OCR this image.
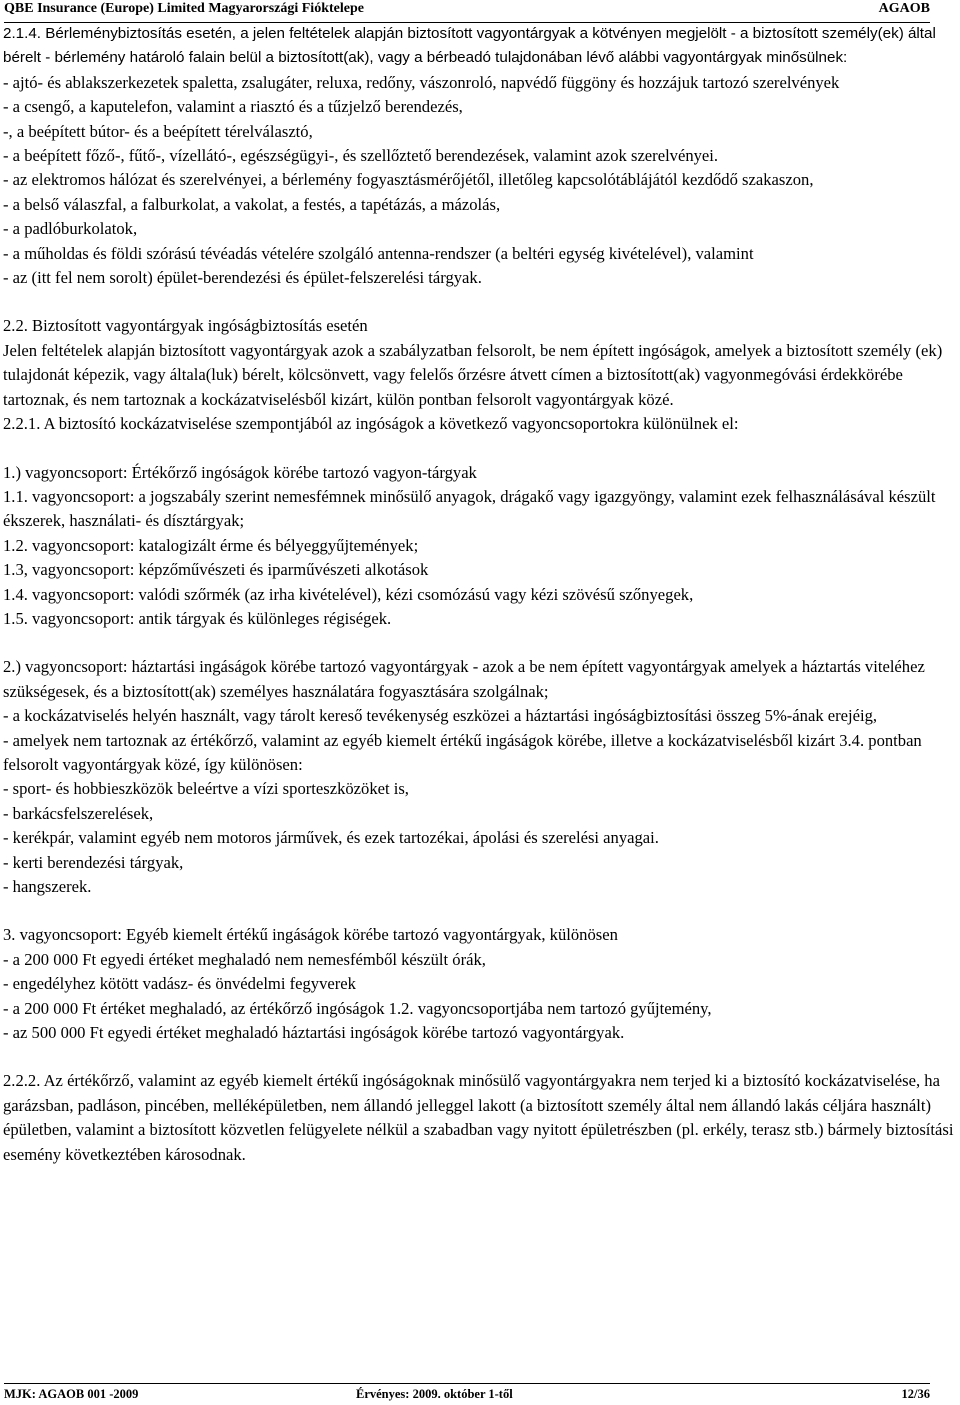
QBE Insurance (Europe) Limited Magyarországi Fióktelepe	AGAOB

2.1.4. Bérleménybiztosítás esetén, a jelen feltételek alapján biztosított vagyontárgyak a kötvényen megjelölt - a biztosított személy(ek) által bérelt - bérlemény határoló falain belül a biztosított(ak), vagy a bérbeadó tulajdonában lévő alábbi vagyontárgyak minősülnek:

- ajtó- és ablakszerkezetek spaletta, zsalugáter, reluxa, redőny, vászonroló, napvédő függöny és hozzájuk tartozó szerelvények

- a csengő, a kaputelefon, valamint a riasztó és a tűzjelző berendezés,

-, a beépített bútor- és a beépített térelválasztó,

- a beépített főző-, fűtő-, vízellátó-, egészségügyi-, és szellőztető berendezések, valamint azok szerelvényei.

- az elektromos hálózat és szerelvényei, a bérlemény fogyasztásmérőjétől, illetőleg kapcsolótáblájától kezdődő szakaszon,

- a belső válaszfal, a falburkolat, a vakolat, a festés, a tapétázás, a mázolás,

- a padlóburkolatok,

- a műholdas és földi szórású tévéadás vételére szolgáló antenna-rendszer (a beltéri egység kivételével), valamint

- az (itt fel nem sorolt) épület-berendezési és épület-felszerelési tárgyak.

2.2. Biztosított vagyontárgyak ingóságbiztosítás esetén

Jelen feltételek alapján biztosított vagyontárgyak azok a szabályzatban felsorolt, be nem épített ingóságok, amelyek a biztosított személy (ek) tulajdonát képezik, vagy általa(luk) bérelt, kölcsönvett, vagy felelős őrzésre átvett címen a biztosított(ak) vagyonmegóvási érdekkörébe tartoznak, és nem tartoznak a kockázatviselésből kizárt, külön pontban felsorolt vagyontárgyak közé.

2.2.1. A biztosító kockázatviselése szempontjából az ingóságok a következő vagyoncsoportokra különülnek el:

1.) vagyoncsoport: Értékőrző ingóságok körébe tartozó vagyon-tárgyak

1.1. vagyoncsoport: a jogszabály szerint nemesfémnek minősülő anyagok, drágakő vagy igazgyöngy, valamint ezek felhasználásával készült ékszerek, használati- és dísztárgyak;

1.2. vagyoncsoport: katalogizált érme és bélyeggyűjtemények;

1.3, vagyoncsoport: képzőművészeti és iparművészeti alkotások

1.4. vagyoncsoport: valódi szőrmék (az irha kivételével), kézi csomózású vagy kézi szövésű szőnyegek,

1.5. vagyoncsoport: antik tárgyak és különleges régiségek.

2.) vagyoncsoport: háztartási ingáságok körébe tartozó vagyontárgyak - azok a be nem épített vagyontárgyak amelyek a háztartás viteléhez szükségesek, és a biztosított(ak) személyes használatára fogyasztására szolgálnak;

- a kockázatviselés helyén használt, vagy tárolt kereső tevékenység eszközei a háztartási ingóságbiztosítási összeg 5%-ának erejéig,

- amelyek nem tartoznak az értékőrző, valamint az egyéb kiemelt értékű ingáságok körébe, illetve a kockázatviselésből kizárt 3.4. pontban felsorolt vagyontárgyak közé, így különösen:

- sport- és hobbieszközök beleértve a vízi sporteszközöket is,

- barkácsfelszerelések,

- kerékpár, valamint egyéb nem motoros járművek, és ezek tartozékai, ápolási és szerelési anyagai.

- kerti berendezési tárgyak,

- hangszerek.

3. vagyoncsoport: Egyéb kiemelt értékű ingáságok körébe tartozó vagyontárgyak, különösen

- a 200 000 Ft egyedi értéket meghaladó nem nemesfémből készült órák,

- engedélyhez kötött vadász- és önvédelmi fegyverek

- a 200 000 Ft értéket meghaladó, az értékőrző ingóságok 1.2. vagyoncsoportjába nem tartozó gyűjtemény,

- az 500 000 Ft egyedi értéket meghaladó háztartási ingóságok körébe tartozó vagyontárgyak.

2.2.2. Az értékőrző, valamint az egyéb kiemelt értékű ingóságoknak minősülő vagyontárgyakra nem terjed ki a biztosító kockázatviselése, ha garázsban, padláson, pincében, melléképületben, nem állandó jelleggel lakott (a biztosított személy által nem állandó lakás céljára használt) épületben, valamint a biztosított közvetlen felügyelete nélkül a szabadban vagy nyitott épületrészben (pl. erkély, terasz stb.) bármely biztosítási esemény következtében károsodnak.

MJK: AGAOB 001 -2009	Érvényes: 2009. október 1-től	12/36
